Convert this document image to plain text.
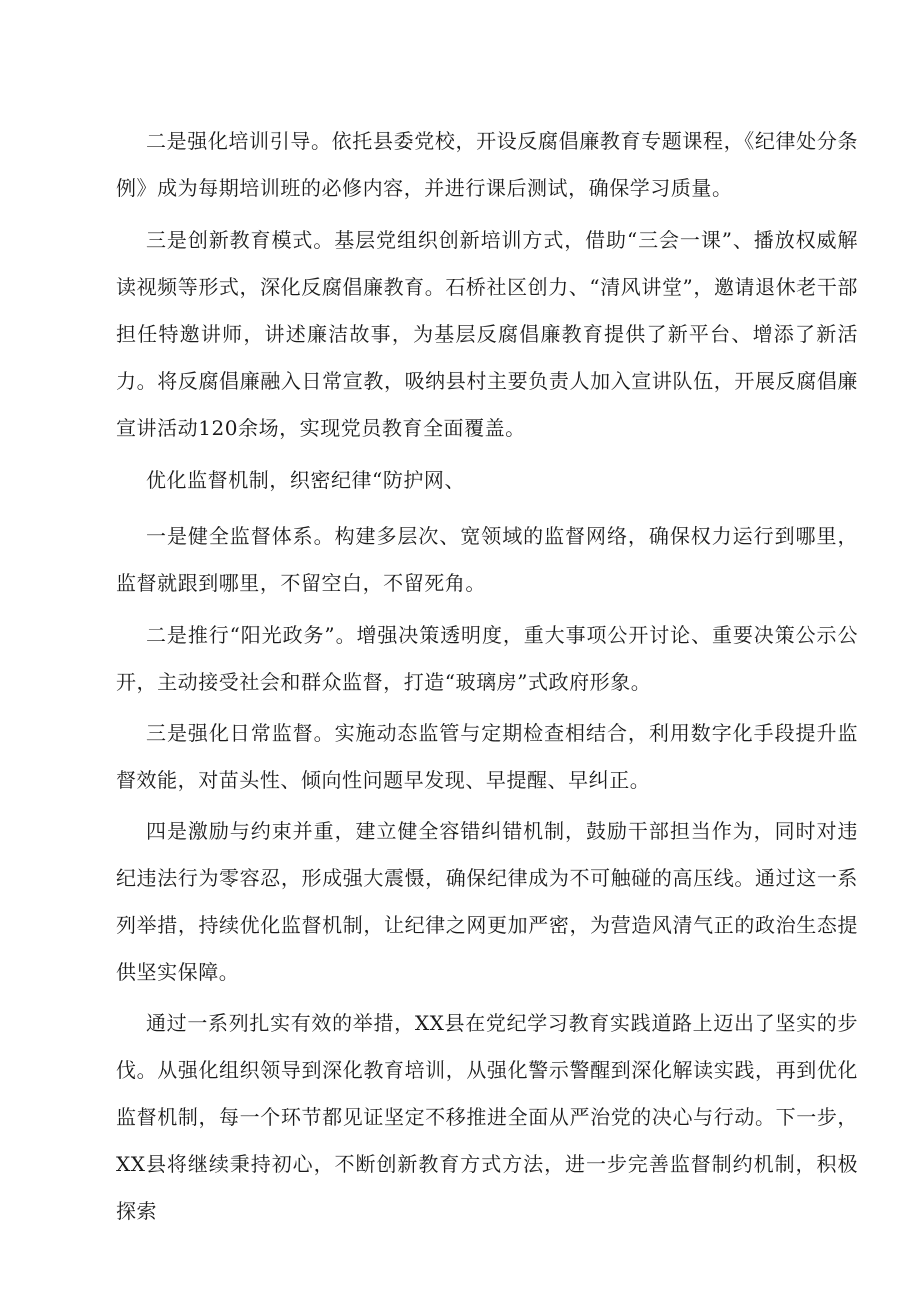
二是强化培训引导。依托县委党校，开设反腐倡廉教育专题课程，《纪律处分条例》成为每期培训班的必修内容，并进行课后测试，确保学习质量。

三是创新教育模式。基层党组织创新培训方式，借助“三会一课”、播放权威解读视频等形式，深化反腐倡廉教育。石桥社区创力、“清风讲堂”，邀请退休老干部担任特邀讲师，讲述廉洁故事，为基层反腐倡廉教育提供了新平台、增添了新活力。将反腐倡廉融入日常宣教，吸纳县村主要负责人加入宣讲队伍，开展反腐倡廉宣讲活动120余场，实现党员教育全面覆盖。

优化监督机制，织密纪律“防护网、

一是健全监督体系。构建多层次、宽领域的监督网络，确保权力运行到哪里，监督就跟到哪里，不留空白，不留死角。

二是推行“阳光政务”。增强决策透明度，重大事项公开讨论、重要决策公示公开，主动接受社会和群众监督，打造“玻璃房”式政府形象。

三是强化日常监督。实施动态监管与定期检查相结合，利用数字化手段提升监督效能，对苗头性、倾向性问题早发现、早提醒、早纠正。

四是激励与约束并重，建立健全容错纠错机制，鼓励干部担当作为，同时对违纪违法行为零容忍，形成强大震慑，确保纪律成为不可触碰的高压线。通过这一系列举措，持续优化监督机制，让纪律之网更加严密，为营造风清气正的政治生态提供坚实保障。

通过一系列扎实有效的举措，XX县在党纪学习教育实践道路上迈出了坚实的步伐。从强化组织领导到深化教育培训，从强化警示警醒到深化解读实践，再到优化监督机制，每一个环节都见证坚定不移推进全面从严治党的决心与行动。下一步，XX县将继续秉持初心，不断创新教育方式方法，进一步完善监督制约机制，积极探索
